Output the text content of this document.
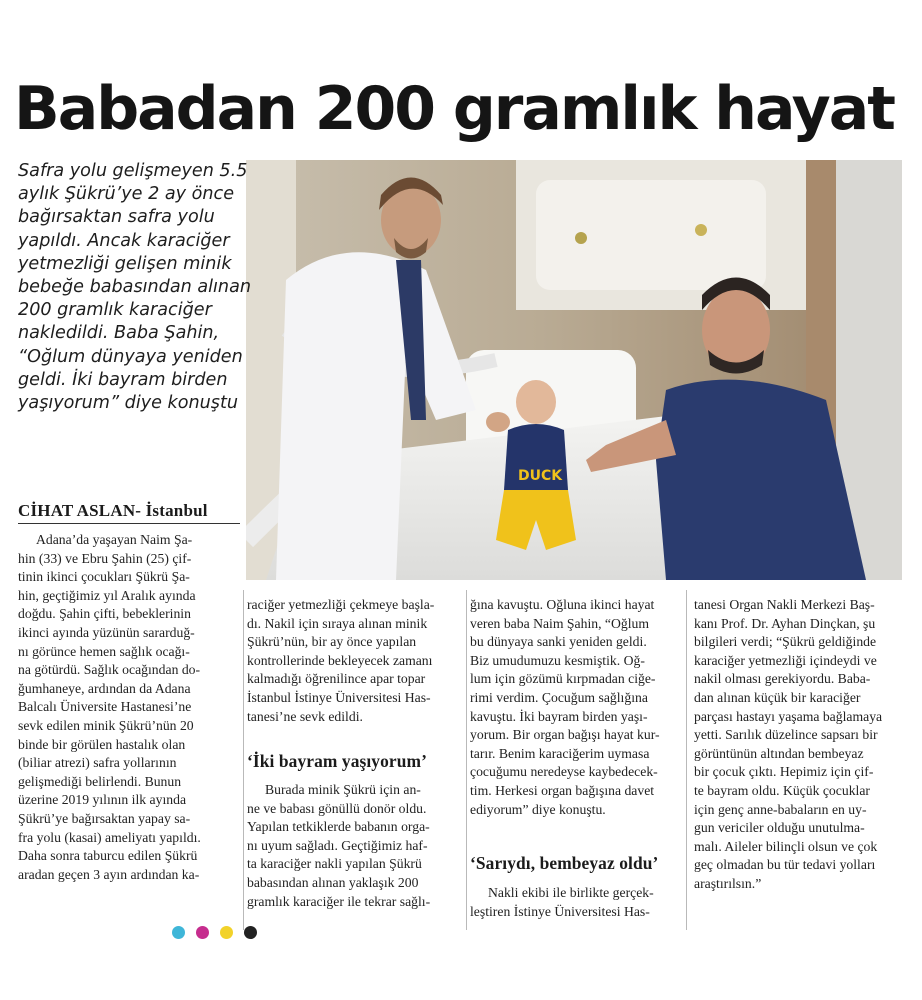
Babadan 200 gramlık hayat
DUCK
Safra yolu gelişmeyen 5.5
aylık Şükrü’ye 2 ay önce
bağırsaktan safra yolu
yapıldı. Ancak karaciğer
yetmezliği gelişen minik
bebeğe babasından alınan
200 gramlık karaciğer
nakledildi. Baba Şahin,
“Oğlum dünyaya yeniden
geldi. İki bayram birden
yaşıyorum” diye konuştu
CİHAT ASLAN- İstanbul
Adana’da yaşayan Naim Şa-
hin (33) ve Ebru Şahin (25) çif-
tinin ikinci çocukları Şükrü Şa-
hin, geçtiğimiz yıl Aralık ayında
doğdu. Şahin çifti, bebeklerinin
ikinci ayında yüzünün sararduğ-
nı görünce hemen sağlık ocağı-
na götürdü. Sağlık ocağından do-
ğumhaneye, ardından da Adana
Balcalı Üniversite Hastanesi’ne
sevk edilen minik Şükrü’nün 20
binde bir görülen hastalık olan
(biliar atrezi) safra yollarının
gelişmediği belirlendi. Bunun
üzerine 2019 yılının ilk ayında
Şükrü’ye bağırsaktan yapay sa-
fra yolu (kasai) ameliyatı yapıldı.
Daha sonra taburcu edilen Şükrü
aradan geçen 3 ayın ardından ka-
raciğer yetmezliği çekmeye başla-
dı. Nakil için sıraya alınan minik
Şükrü’nün, bir ay önce yapılan
kontrollerinde bekleyecek zamanı
kalmadığı öğrenilince apar topar
İstanbul İstinye Üniversitesi Has-
tanesi’ne sevk edildi.
‘İki bayram yaşıyorum’
Burada minik Şükrü için an-
ne ve babası gönüllü donör oldu.
Yapılan tetkiklerde babanın orga-
nı uyum sağladı. Geçtiğimiz haf-
ta karaciğer nakli yapılan Şükrü
babasından alınan yaklaşık 200
gramlık karaciğer ile tekrar sağlı-
ğına kavuştu. Oğluna ikinci hayat
veren baba Naim Şahin, “Oğlum
bu dünyaya sanki yeniden geldi.
Biz umudumuzu kesmiştik. Oğ-
lum için gözümü kırpmadan ciğe-
rimi verdim. Çocuğum sağlığına
kavuştu. İki bayram birden yaşı-
yorum. Bir organ bağışı hayat kur-
tarır. Benim karaciğerim uymasa
çocuğumu neredeyse kaybedecek-
tim. Herkesi organ bağışına davet
ediyorum” diye konuştu.
‘Sarıydı, bembeyaz oldu’
Nakli ekibi ile birlikte gerçek-
leştiren İstinye Üniversitesi Has-
tanesi Organ Nakli Merkezi Baş-
kanı Prof. Dr. Ayhan Dinçkan, şu
bilgileri verdi; “Şükrü geldiğinde
karaciğer yetmezliği içindeydi ve
nakil olması gerekiyordu. Baba-
dan alınan küçük bir karaciğer
parçası hastayı yaşama bağlamaya
yetti. Sarılık düzelince sapsarı bir
görüntünün altından bembeyaz
bir çocuk çıktı. Hepimiz için çif-
te bayram oldu. Küçük çocuklar
için genç anne-babaların en uy-
gun vericiler olduğu unutulma-
malı. Aileler bilinçli olsun ve çok
geç olmadan bu tür tedavi yolları
araştırılsın.”
